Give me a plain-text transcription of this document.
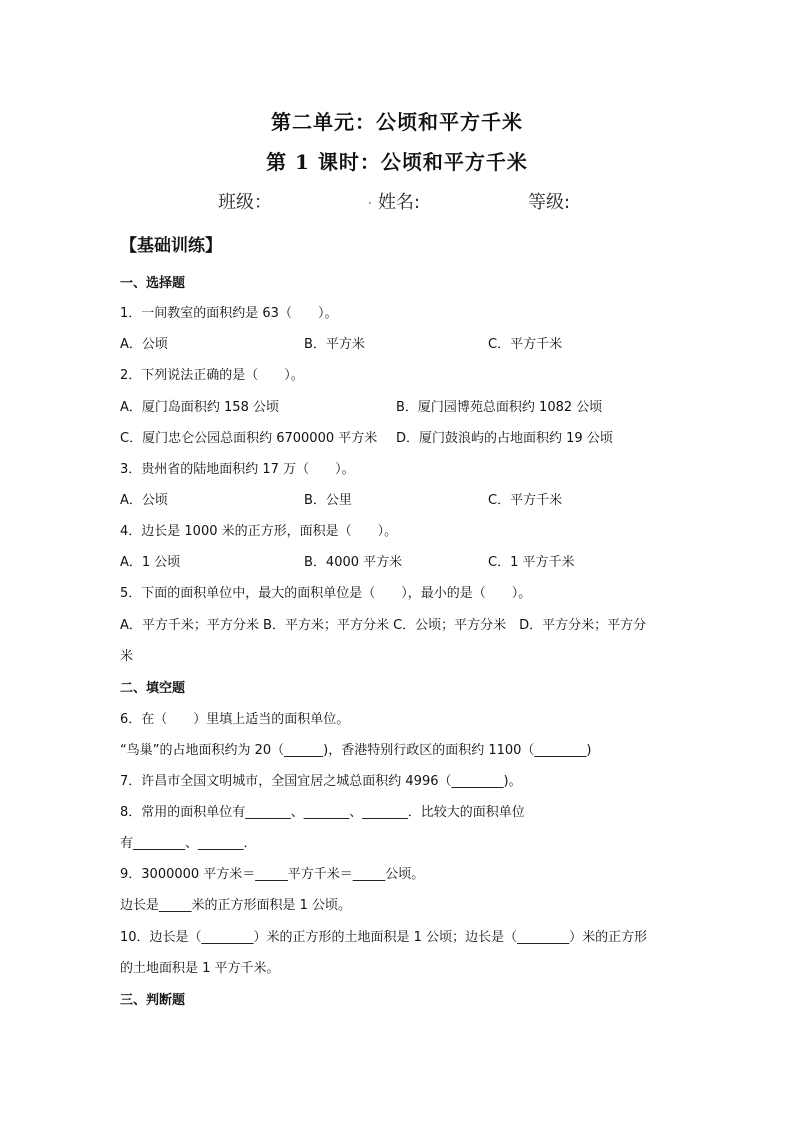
第二单元：公顷和平方千米
第 1 课时：公顷和平方千米
班级：	. 姓名:	等级:
【基础训练】
一、选择题
1．一间教室的面积约是 63（　　）。
A．公顷	B．平方米	C．平方千米
2．下列说法正确的是（　　）。
A．厦门岛面积约 158 公顷	B．厦门园博苑总面积约 1082 公顷
C．厦门忠仑公园总面积约 6700000 平方米 D．厦门鼓浪屿的占地面积约 19 公顷
3．贵州省的陆地面积约 17 万（　　）。
A．公顷	B．公里	C．平方千米
4．边长是 1000 米的正方形，面积是（　　）。
A．1 公顷	B．4000 平方米	C．1 平方千米
5．下面的面积单位中，最大的面积单位是（　　），最小的是（　　）。
A．平方千米；平方分米 B．平方米；平方分米 C．公顷；平方分米　D．平方分米；平方分
米
二、填空题
6．在（　　）里填上适当的面积单位。
“鸟巢”的占地面积约为 20（______)，香港特别行政区的面积约 1100（________)
7．许昌市全国文明城市，全国宜居之城总面积约 4996（________)。
8．常用的面积单位有_______、_______、_______．比较大的面积单位
有________、_______．
9．3000000 平方米＝_____平方千米＝_____公顷。
边长是_____米的正方形面积是 1 公顷。
10．边长是（________）米的正方形的土地面积是 1 公顷；边长是（________）米的正方形
的土地面积是 1 平方千米。
三、判断题
